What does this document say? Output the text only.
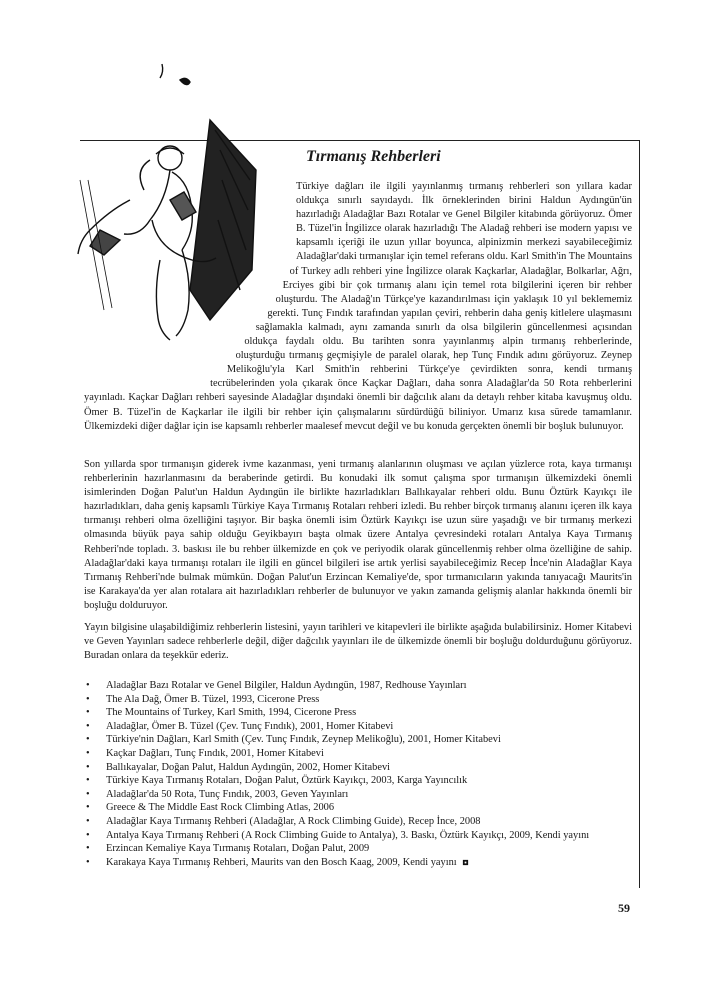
Tırmanış Rehberleri
Türkiye dağları ile ilgili yayınlanmış tırmanış rehberleri son yıllara kadar oldukça sınırlı sayıdaydı. İlk örneklerinden birini Haldun Aydıngün'ün hazırladığı Aladağlar Bazı Rotalar ve Genel Bilgiler kitabında görüyoruz. Ömer B. Tüzel'in İngilizce olarak hazırladığı The Aladağ rehberi ise modern yapısı ve kapsamlı içeriği ile uzun yıllar boyunca, alpinizmin merkezi sayabileceğimiz Aladağlar'daki tırmanışlar için temel referans oldu. Karl Smith'in The Mountains of Turkey adlı rehberi yine İngilizce olarak Kaçkarlar, Aladağlar, Bolkarlar, Ağrı, Erciyes gibi bir çok tırmanış alanı için temel rota bilgilerini içeren bir rehber oluşturdu. The Aladağ'ın Türkçe'ye kazandırılması için yaklaşık 10 yıl beklememiz gerekti. Tunç Fındık tarafından yapılan çeviri, rehberin daha geniş kitlelere ulaşmasını sağlamakla kalmadı, aynı zamanda sınırlı da olsa bilgilerin güncellenmesi açısından oldukça faydalı oldu. Bu tarihten sonra yayınlanmış alpin tırmanış rehberlerinde, oluşturduğu tırmanış geçmişiyle de paralel olarak, hep Tunç Fındık adını görüyoruz. Zeynep Melikoğlu'yla Karl Smith'in rehberini Türkçe'ye çevirdikten sonra, kendi tırmanış tecrübelerinden yola çıkarak önce Kaçkar Dağları, daha sonra Aladağlar'da 50 Rota rehberlerini yayınladı. Kaçkar Dağları rehberi sayesinde Aladağlar dışındaki önemli bir dağcılık alanı da detaylı rehber kitaba kavuşmuş oldu. Ömer B. Tüzel'in de Kaçkarlar ile ilgili bir rehber için çalışmalarını sürdürdüğü biliniyor. Umarız kısa sürede tamamlanır. Ülkemizdeki diğer dağlar için ise kapsamlı rehberler maalesef mevcut değil ve bu konuda gerçekten önemli bir boşluk bulunuyor.

Son yıllarda spor tırmanışın giderek ivme kazanması, yeni tırmanış alanlarının oluşması ve açılan yüzlerce rota, kaya tırmanışı rehberlerinin hazırlanmasını da beraberinde getirdi. Bu konudaki ilk somut çalışma spor tırmanışın ülkemizdeki önemli isimlerinden Doğan Palut'un Haldun Aydıngün ile birlikte hazırladıkları Ballıkayalar rehberi oldu. Bunu Öztürk Kayıkçı ile hazırladıkları, daha geniş kapsamlı Türkiye Kaya Tırmanış Rotaları rehberi izledi. Bu rehber birçok tırmanış alanını içeren ilk kaya tırmanışı rehberi olma özelliğini taşıyor. Bir başka önemli isim Öztürk Kayıkçı ise uzun süre yaşadığı ve bir tırmanış merkezi olmasında büyük paya sahip olduğu Geyikbayırı başta olmak üzere Antalya çevresindeki rotaları Antalya Kaya Tırmanış Rehberi'nde topladı. 3. baskısı ile bu rehber ülkemizde en çok ve periyodik olarak güncellenmiş rehber olma özelliğine de sahip. Aladağlar'daki kaya tırmanışı rotaları ile ilgili en güncel bilgileri ise artık yerlisi sayabileceğimiz Recep İnce'nin Aladağlar Kaya Tırmanış Rehberi'nde bulmak mümkün. Doğan Palut'un Erzincan Kemaliye'de, spor tırmanıcıların yakında tanıyacağı Maurits'in ise Karakaya'da yer alan rotalara ait hazırladıkları rehberler de bulunuyor ve yakın zamanda gelişmiş alanlar hakkında önemli bir boşluğu dolduruyor.

Yayın bilgisine ulaşabildiğimiz rehberlerin listesini, yayın tarihleri ve kitapevleri ile birlikte aşağıda bulabilirsiniz. Homer Kitabevi ve Geven Yayınları sadece rehberlerle değil, diğer dağcılık yayınları ile de ülkemizde önemli bir boşluğu doldurduğunu görüyoruz. Buradan onlara da teşekkür ederiz.

• Aladağlar Bazı Rotalar ve Genel Bilgiler, Haldun Aydıngün, 1987, Redhouse Yayınları
• The Ala Dağ, Ömer B. Tüzel, 1993, Cicerone Press
• The Mountains of Turkey, Karl Smith, 1994, Cicerone Press
• Aladağlar, Ömer B. Tüzel (Çev. Tunç Fındık), 2001, Homer Kitabevi
• Türkiye'nin Dağları, Karl Smith (Çev. Tunç Fındık, Zeynep Melikoğlu), 2001, Homer Kitabevi
• Kaçkar Dağları, Tunç Fındık, 2001, Homer Kitabevi
• Ballıkayalar, Doğan Palut, Haldun Aydıngün, 2002, Homer Kitabevi
• Türkiye Kaya Tırmanış Rotaları, Doğan Palut, Öztürk Kayıkçı, 2003, Karga Yayıncılık
• Aladağlar'da 50 Rota, Tunç Fındık, 2003, Geven Yayınları
• Greece & The Middle East Rock Climbing Atlas, 2006
• Aladağlar Kaya Tırmanış Rehberi (Aladağlar, A Rock Climbing Guide), Recep İnce, 2008
• Antalya Kaya Tırmanış Rehberi (A Rock Climbing Guide to Antalya), 3. Baskı, Öztürk Kayıkçı, 2009, Kendi yayını
• Erzincan Kemaliye Kaya Tırmanış Rotaları, Doğan Palut, 2009
• Karakaya Kaya Tırmanış Rehberi, Maurits van den Bosch Kaag, 2009, Kendi yayını
59
